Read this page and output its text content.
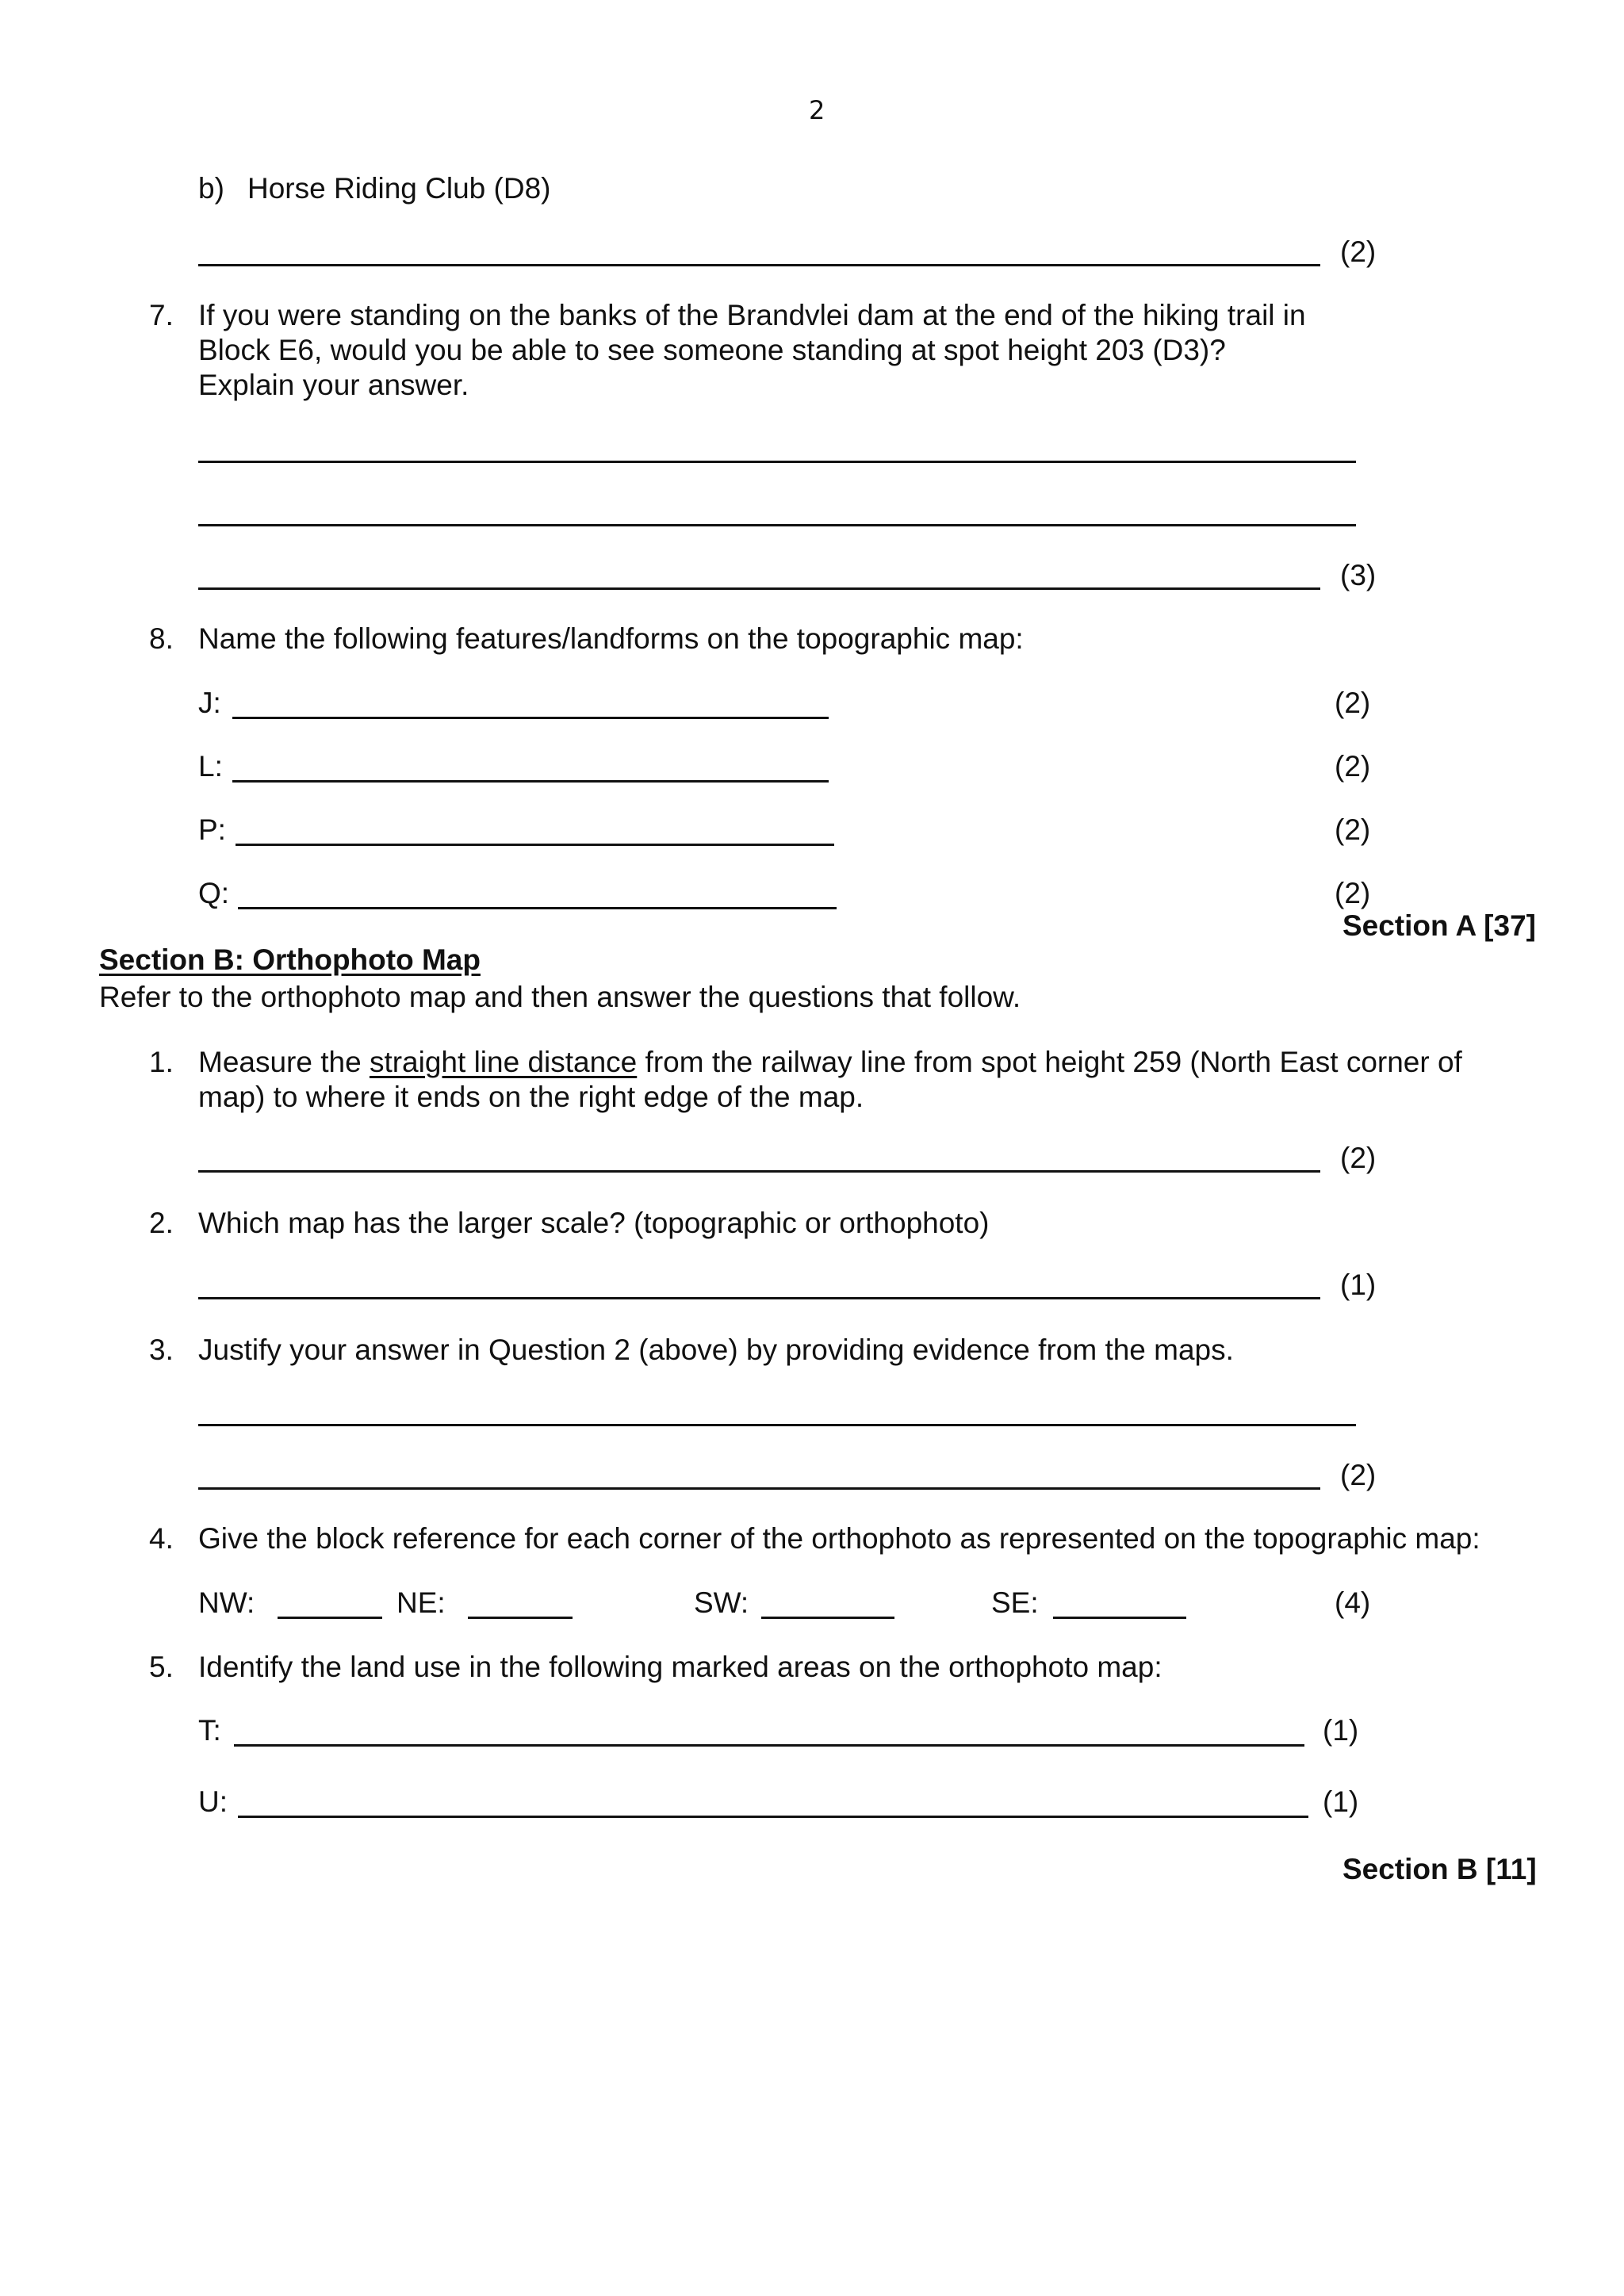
2
b) Horse Riding Club (D8)
(2)
7. If you were standing on the banks of the Brandvlei dam at the end of the hiking trail in
Block E6, would you be able to see someone standing at spot height 203 (D3)?
Explain your answer.
(3)
8. Name the following features/landforms on the topographic map:
J:	(2)
L:	(2)
P:	(2)
Q:	(2)
Section A [37]
Section B: Orthophoto Map
Refer to the orthophoto map and then answer the questions that follow.
1. Measure the straight line distance from the railway line from spot height 259 (North East corner of
map) to where it ends on the right edge of the map.
(2)
2. Which map has the larger scale? (topographic or orthophoto)
(1)
3. Justify your answer in Question 2 (above) by providing evidence from the maps.
(2)
4. Give the block reference for each corner of the orthophoto as represented on the topographic map:
NW:	NE:	SW:	SE:	(4)
5. Identify the land use in the following marked areas on the orthophoto map:
T:	(1)
U:	(1)
Section B [11]
